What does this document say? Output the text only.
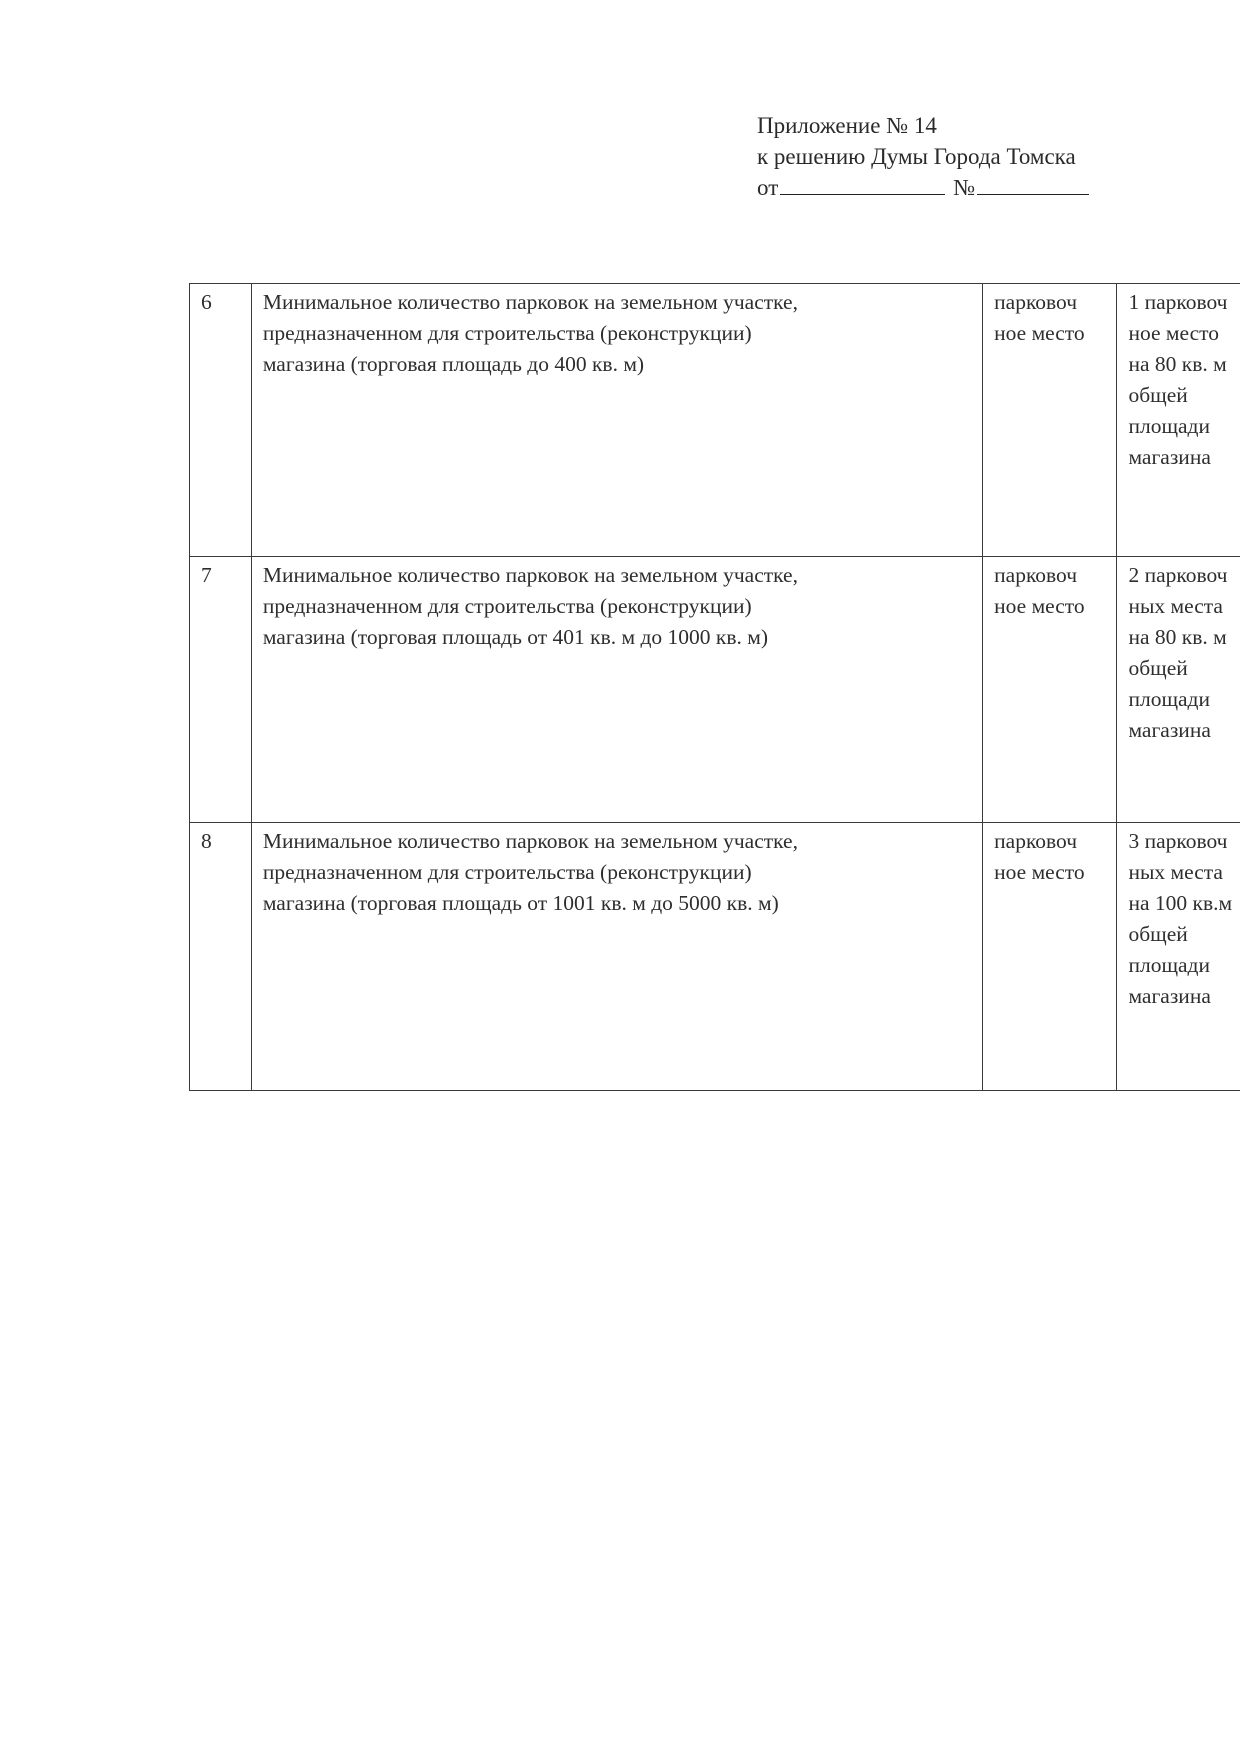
Приложение № 14
к решению Думы Города Томска
от	№
6	Минимальное количество парковок на земельном участке,
предназначенном для строительства (реконструкции)
магазина (торговая площадь до 400 кв. м)	парковоч ное место	1 парковоч ное место на 80 кв. м общей площади магазина

7	Минимальное количество парковок на земельном участке,
предназначенном для строительства (реконструкции)
магазина (торговая площадь от 401 кв. м до 1000 кв. м)	парковоч ное место	2 парковоч ных места на 80 кв. м общей площади магазина

8	Минимальное количество парковок на земельном участке,
предназначенном для строительства (реконструкции)
магазина (торговая площадь от 1001 кв. м до 5000 кв. м)	парковоч ное место	3 парковоч ных места на 100 кв.м общей площади магазина
